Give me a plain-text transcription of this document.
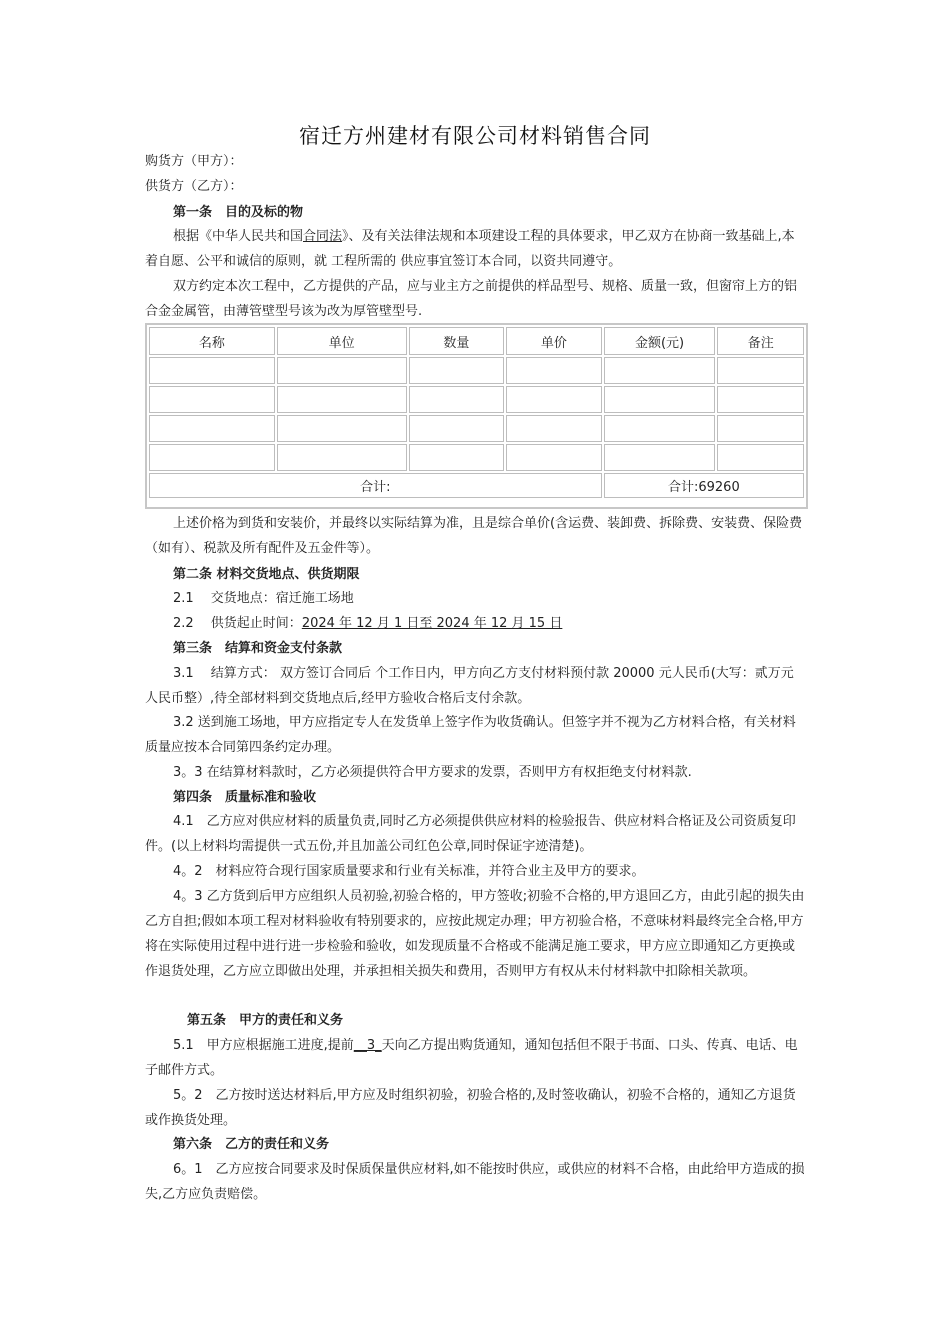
宿迁方州建材有限公司材料销售合同
购货方（甲方）：
供货方（乙方）：
第一条　目的及标的物
根据《中华人民共和国合同法》、及有关法律法规和本项建设工程的具体要求，甲乙双方在协商一致基础上,本着自愿、公平和诚信的原则，就 工程所需的 供应事宜签订本合同，以资共同遵守。
双方约定本次工程中，乙方提供的产品，应与业主方之前提供的样品型号、规格、质量一致，但窗帘上方的铝合金金属管，由薄管壁型号该为改为厚管壁型号.
名称	单位	数量	单价	金额(元)	备注

合计:				合计:69260	
上述价格为到货和安装价，并最终以实际结算为准，且是综合单价(含运费、装卸费、拆除费、安装费、保险费（如有）、税款及所有配件及五金件等）。
第二条 材料交货地点、供货期限
2.1　 交货地点：宿迁施工场地
2.2　 供货起止时间：2024 年 12 月 1 日至 2024 年 12 月 15 日
第三条　结算和资金支付条款
3.1　 结算方式： 双方签订合同后 个工作日内，甲方向乙方支付材料预付款 20000 元人民币(大写：贰万元人民币整）,待全部材料到交货地点后,经甲方验收合格后支付余款。
3.2 送到施工场地，甲方应指定专人在发货单上签字作为收货确认。但签字并不视为乙方材料合格，有关材料质量应按本合同第四条约定办理。
3。3 在结算材料款时，乙方必须提供符合甲方要求的发票，否则甲方有权拒绝支付材料款.
第四条　质量标准和验收
4.1　乙方应对供应材料的质量负责,同时乙方必须提供供应材料的检验报告、供应材料合格证及公司资质复印件。(以上材料均需提供一式五份,并且加盖公司红色公章,同时保证字迹清楚)。
4。2　材料应符合现行国家质量要求和行业有关标准，并符合业主及甲方的要求。
4。3 乙方货到后甲方应组织人员初验,初验合格的，甲方签收;初验不合格的,甲方退回乙方，由此引起的损失由乙方自担;假如本项工程对材料验收有特别要求的，应按此规定办理；甲方初验合格，不意味材料最终完全合格,甲方将在实际使用过程中进行进一步检验和验收，如发现质量不合格或不能满足施工要求，甲方应立即通知乙方更换或作退货处理，乙方应立即做出处理，并承担相关损失和费用，否则甲方有权从未付材料款中扣除相关款项。
第五条　甲方的责任和义务
5.1　甲方应根据施工进度,提前__3_天向乙方提出购货通知，通知包括但不限于书面、口头、传真、电话、电子邮件方式。
5。2　乙方按时送达材料后,甲方应及时组织初验，初验合格的,及时签收确认，初验不合格的，通知乙方退货或作换货处理。
第六条　乙方的责任和义务
6。1　乙方应按合同要求及时保质保量供应材料,如不能按时供应，或供应的材料不合格，由此给甲方造成的损失,乙方应负责赔偿。
